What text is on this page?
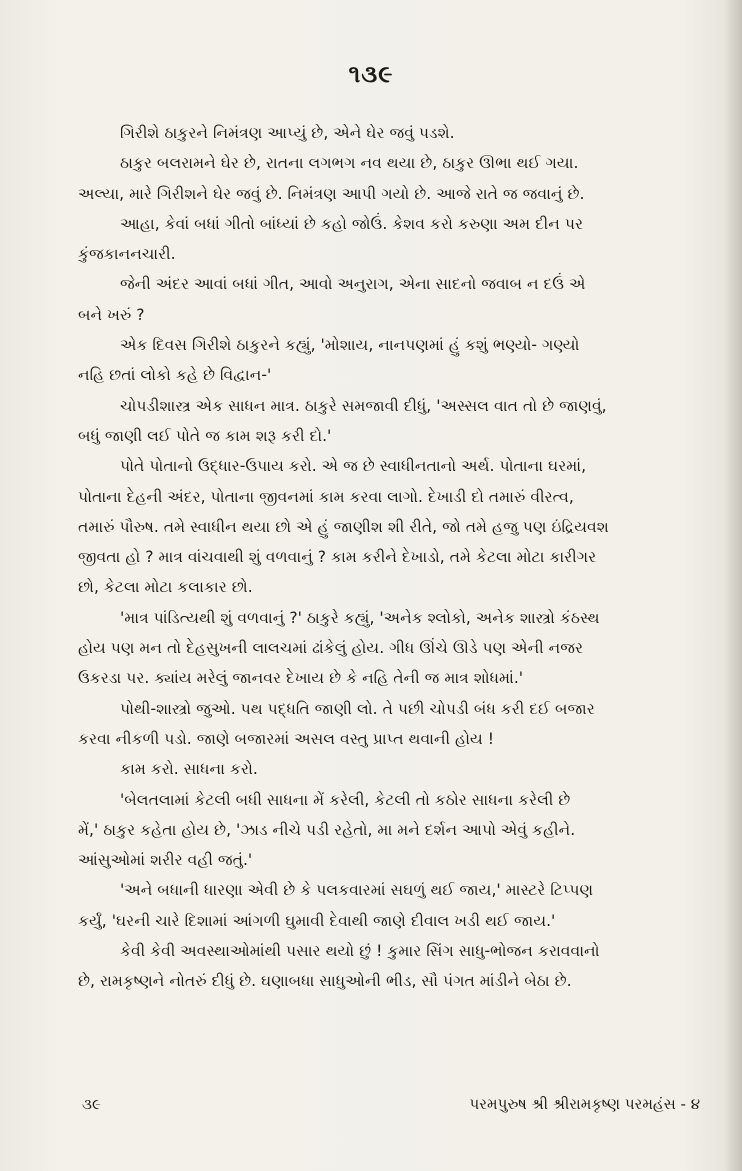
૧૩૯
ગિરીશે ઠાકુરને નિમંત્રણ આપ્યું છે, એને ઘેર જવું પડશે.
ઠાકુર બલરામને ઘેર છે, રાતના લગભગ નવ થયા છે, ઠાકુર ઊભા થઈ ગયા.
અલ્યા, મારે ગિરીશને ઘેર જવું છે. નિમંત્રણ આપી ગયો છે. આજે રાતે જ જવાનું છે.
આહા, કેવાં બધાં ગીતો બાંધ્યાં છે કહો જોઉં. કેશવ કરો કરુણા અમ દીન પર
કુંજકાનનચારી.
જેની અંદર આવાં બધાં ગીત, આવો અનુરાગ, એના સાદનો જવાબ ન દઉં એ
બને ખરું ?
એક દિવસ ગિરીશે ઠાકુરને કહ્યું, 'મોશાય, નાનપણમાં હું કશું ભણ્યો- ગણ્યો
નહિ છતાં લોકો કહે છે વિદ્વાન-'
ચોપડીશાસ્ત્ર એક સાધન માત્ર. ઠાકુરે સમજાવી દીધું, 'અસ્સલ વાત તો છે જાણવું,
બધું જાણી લઈ પોતે જ કામ શરૂ કરી દો.'
પોતે પોતાનો ઉદ્ધાર-ઉપાય કરો. એ જ છે સ્વાધીનતાનો અર્થ. પોતાના ઘરમાં,
પોતાના દેહની અંદર, પોતાના જીવનમાં કામ કરવા લાગો. દેખાડી દો તમારું વીરત્વ,
તમારું પૌરુષ. તમે સ્વાધીન થયા છો એ હું જાણીશ શી રીતે, જો તમે હજુ પણ ઇંદ્રિયવશ
જીવતા હો ? માત્ર વાંચવાથી શું વળવાનું ? કામ કરીને દેખાડો, તમે કેટલા મોટા કારીગર
છો, કેટલા મોટા કલાકાર છો.
'માત્ર પાંડિત્યથી શું વળવાનું ?' ઠાકુરે કહ્યું, 'અનેક શ્લોકો, અનેક શાસ્ત્રો કંઠસ્થ
હોય પણ મન તો દેહસુખની લાલચમાં ઢાંકેલું હોય. ગીધ ઊંચે ઊડે પણ એની નજર
ઉકરડા પર. ક્યાંય મરેલું જાનવર દેખાય છે કે નહિ તેની જ માત્ર શોધમાં.'
પોથી-શાસ્ત્રો જુઓ. પથ પદ્ધતિ જાણી લો. તે પછી ચોપડી બંધ કરી દઈ બજાર
કરવા નીકળી પડો. જાણે બજારમાં અસલ વસ્તુ પ્રાપ્ત થવાની હોય !
કામ કરો. સાધના કરો.
'બેલતલામાં કેટલી બધી સાધના મેં કરેલી, કેટલી તો કઠોર સાધના કરેલી છે
મેં,' ઠાકુર કહેતા હોય છે, 'ઝાડ નીચે પડી રહેતો, મા મને દર્શન આપો એવું કહીને.
આંસુઓમાં શરીર વહી જતું.'
'અને બધાની ધારણા એવી છે કે પલકવારમાં સઘળું થઈ જાય,' માસ્ટરે ટિપ્પણ
કર્યું, 'ઘરની ચારે દિશામાં આંગળી ઘુમાવી દેવાથી જાણે દીવાલ ખડી થઈ જાય.'
કેવી કેવી અવસ્થાઓમાંથી પસાર થયો છું ! કુમાર સિંગ સાધુ-ભોજન કરાવવાનો
છે, રામકૃષ્ણને નોતરું દીધું છે. ઘણાબધા સાધુઓની ભીડ, સૌ પંગત માંડીને બેઠા છે.
૩૯	પરમપુરુષ શ્રી શ્રીરામકૃષ્ણ પરમહંસ - ૪
